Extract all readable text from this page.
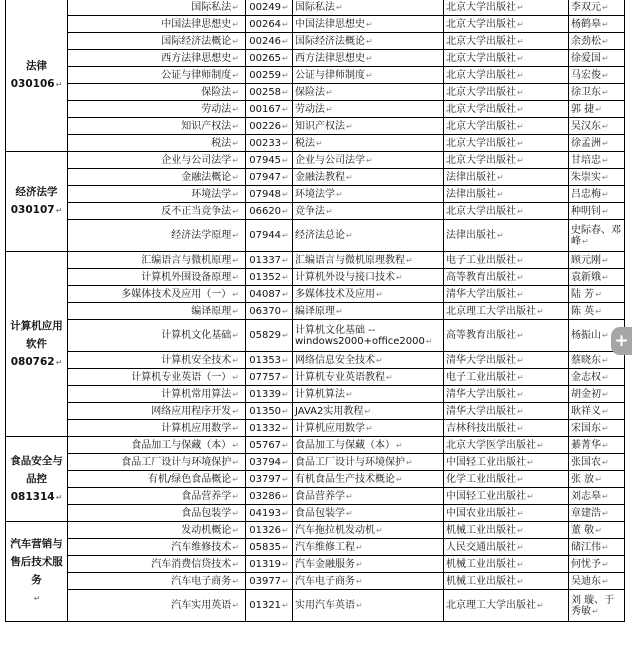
法律
030106↵	国际私法↵	00249↵	国际私法↵	北京大学出版社↵	李双元↵
	中国法律思想史↵	00264↵	中国法律思想史↵	北京大学出版社↵	杨鹤皋↵
	国际经济法概论↵	00246↵	国际经济法概论↵	北京大学出版社↵	余劲松↵
	西方法律思想史↵	00265↵	西方法律思想史↵	北京大学出版社↵	徐爱国↵
	公证与律师制度↵	00259↵	公证与律师制度↵	北京大学出版社↵	马宏俊↵
	保险法↵	00258↵	保险法↵	北京大学出版社↵	徐卫东↵
	劳动法↵	00167↵	劳动法↵	北京大学出版社↵	郭 捷↵
	知识产权法↵	00226↵	知识产权法↵	北京大学出版社↵	吴汉东↵
	税法↵	00233↵	税法↵	北京大学出版社↵	徐孟洲↵

经济法学
030107↵	企业与公司法学↵	07945↵	企业与公司法学↵	北京大学出版社↵	甘培忠↵
	金融法概论↵	07947↵	金融法教程↵	法律出版社↵	朱崇实↵
	环境法学↵	07948↵	环境法学↵	法律出版社↵	吕忠梅↵
	反不正当竞争法↵	06620↵	竞争法↵	北京大学出版社↵	种明钊↵
	经济法学原理↵	07944↵	经济法总论↵	法律出版社↵	史际春、邓 峰↵

计算机应用软件
080762↵	汇编语言与微机原理↵	01337↵	汇编语言与微机原理教程↵	电子工业出版社↵	顾元刚↵
	计算机外围设备原理↵	01352↵	计算机外设与接口技术↵	高等教育出版社↵	袁新娥↵
	多媒体技术及应用（一）↵	04087↵	多媒体技术及应用↵	清华大学出版社↵	陆 芳↵
	编译原理↵	06370↵	编译原理↵	北京理工大学出版社↵	陈 英↵
	计算机文化基础↵	05829↵	计算机文化基础 --windows2000+office2000↵	高等教育出版社↵	杨振山↵
	计算机安全技术↵	01353↵	网络信息安全技术↵	清华大学出版社↵	蔡晓东↵
	计算机专业英语（一）↵	07757↵	计算机专业英语教程↵	电子工业出版社↵	金志权↵
	计算机常用算法↵	01339↵	计算机算法↵	清华大学出版社↵	胡金初↵
	网络应用程序开发↵	01350↵	JAVA2实用教程↵	清华大学出版社↵	耿祥义↵
	计算机应用数学↵	01332↵	计算机应用数学↵	吉林科技出版社↵	宋国东↵

食品安全与品控
081314↵	食品加工与保藏（本）↵	05767↵	食品加工与保藏（本）↵	北京大学医学出版社↵	綦菁华↵
	食品工厂设计与环境保护↵	03794↵	食品工厂设计与环境保护↵	中国轻工业出版社↵	张国农↵
	有机/绿色食品概论↵	03797↵	有机食品生产技术概论↵	化学工业出版社↵	张 放↵
	食品营养学↵	03286↵	食品营养学↵	中国轻工业出版社↵	刘志皋↵
	食品包装学↵	04193↵	食品包装学↵	中国农业出版社↵	章建浩↵

汽车营销与售后技术服务
↵	发动机概论↵	01326↵	汽车拖拉机发动机↵	机械工业出版社↵	董 敬↵
	汽车维修技术↵	05835↵	汽车维修工程↵	人民交通出版社↵	储江伟↵
	汽车消费信贷技术↵	01319↵	汽车金融服务↵	机械工业出版社↵	何忧予↵
	汽车电子商务↵	03977↵	汽车电子商务↵	机械工业出版社↵	吴迪东↵
	汽车实用英语↵	01321↵	实用汽车英语↵	北京理工大学出版社↵	刘 璇、于秀敏↵
+
